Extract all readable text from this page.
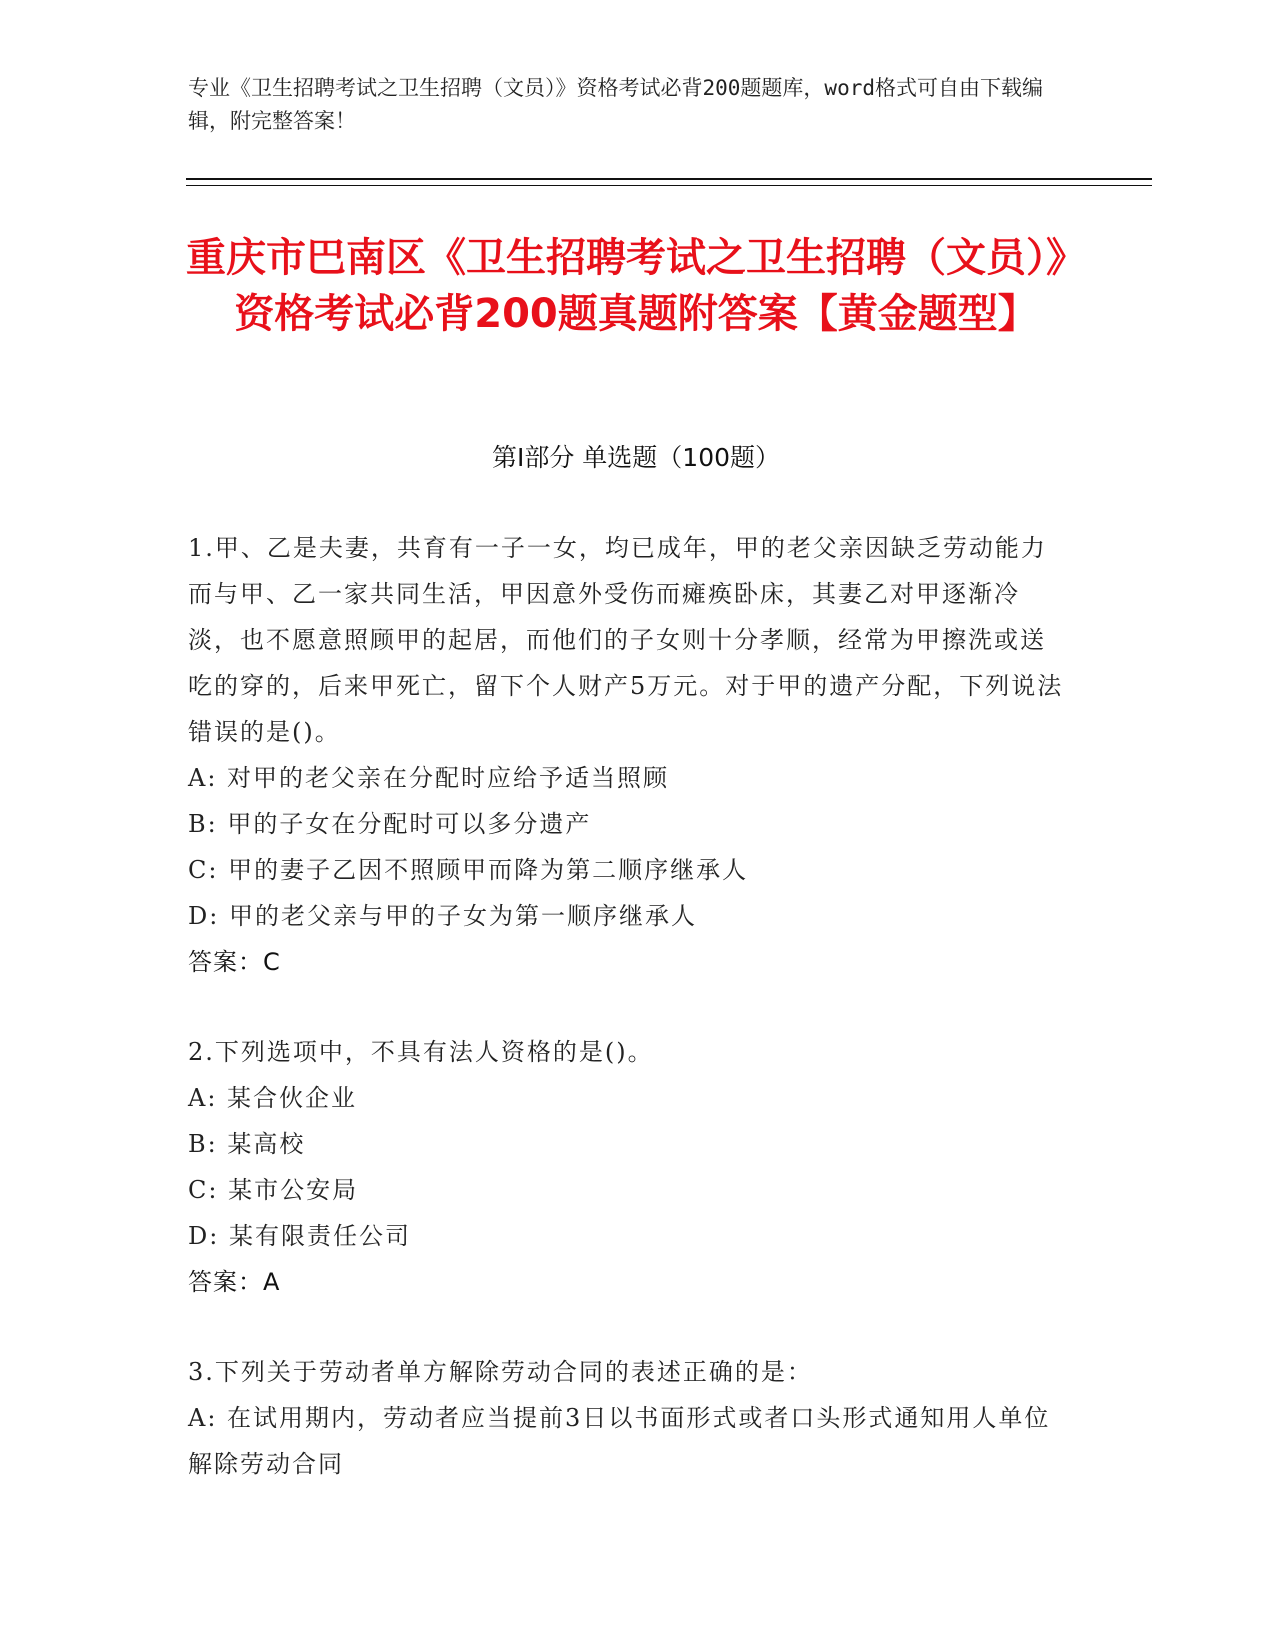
专业《卫生招聘考试之卫生招聘（文员）》资格考试必背200题题库，word格式可自由下载编辑，附完整答案！
重庆市巴南区《卫生招聘考试之卫生招聘（文员）》资格考试必背200题真题附答案【黄金题型】
第I部分 单选题（100题）
1.甲、乙是夫妻，共育有一子一女，均已成年，甲的老父亲因缺乏劳动能力而与甲、乙一家共同生活，甲因意外受伤而瘫痪卧床，其妻乙对甲逐渐冷淡，也不愿意照顾甲的起居，而他们的子女则十分孝顺，经常为甲擦洗或送吃的穿的，后来甲死亡，留下个人财产5万元。对于甲的遗产分配，下列说法错误的是()。
A: 对甲的老父亲在分配时应给予适当照顾
B: 甲的子女在分配时可以多分遗产
C: 甲的妻子乙因不照顾甲而降为第二顺序继承人
D: 甲的老父亲与甲的子女为第一顺序继承人
答案：C
2.下列选项中，不具有法人资格的是()。
A: 某合伙企业
B: 某高校
C: 某市公安局
D: 某有限责任公司
答案：A
3.下列关于劳动者单方解除劳动合同的表述正确的是：
A: 在试用期内，劳动者应当提前3日以书面形式或者口头形式通知用人单位解除劳动合同
